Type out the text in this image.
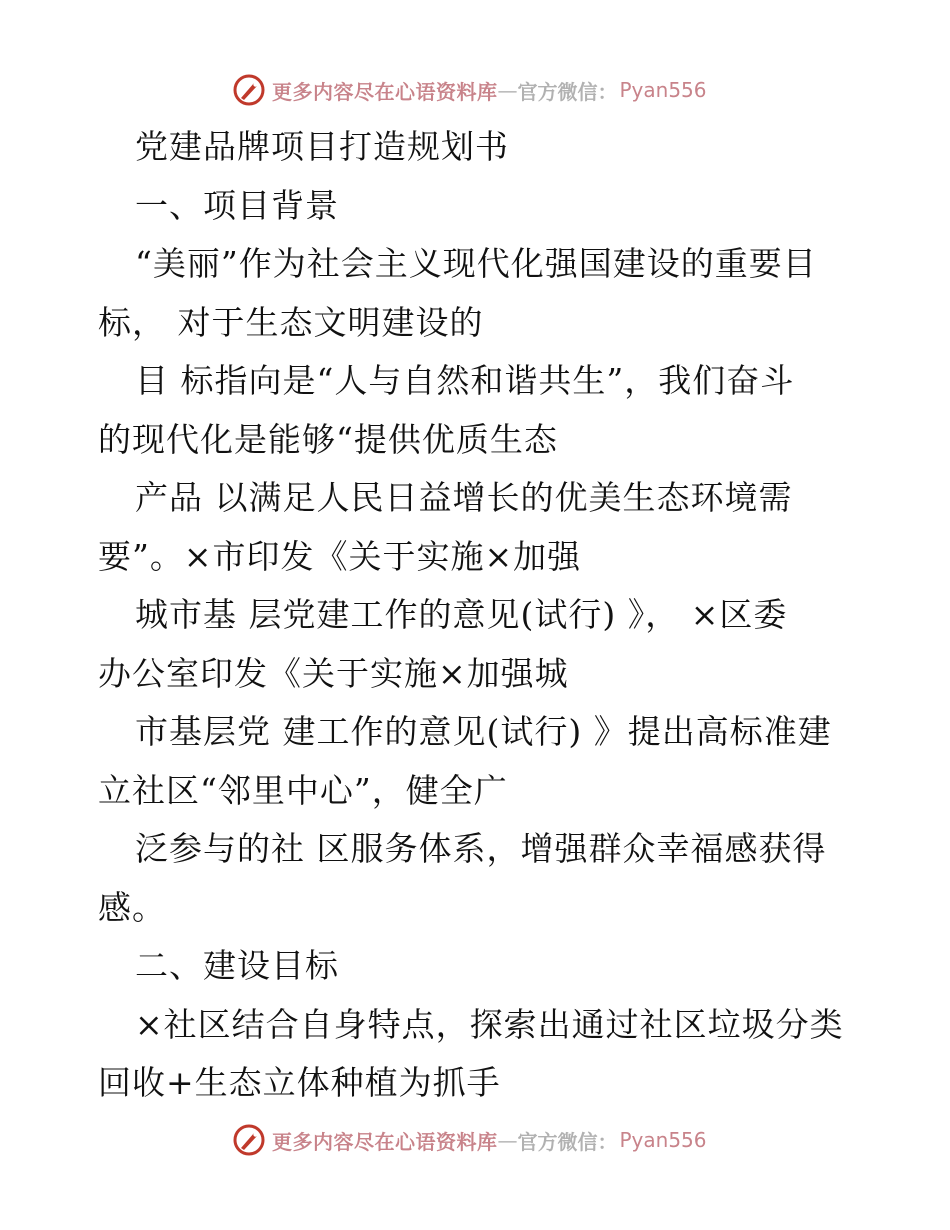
更多内容尽在心语资料库 — 官方微信： Pyan556
党建品牌项目打造规划书
一、项目背景
“美丽”作为社会主义现代化强国建设的重要目
标， 对于生态文明建设的
目 标指向是“人与自然和谐共生”，我们奋斗
的现代化是能够“提供优质生态
产品 以满足人民日益增长的优美生态环境需
要”。×市印发《关于实施×加强
城市基 层党建工作的意见(试行) 》， ×区委
办公室印发《关于实施×加强城
市基层党 建工作的意见(试行) 》提出高标准建
立社区“邻里中心”，健全广
泛参与的社 区服务体系，增强群众幸福感获得
感。
二、建设目标
×社区结合自身特点，探索出通过社区垃圾分类
回收+生态立体种植为抓手
更多内容尽在心语资料库 — 官方微信： Pyan556
